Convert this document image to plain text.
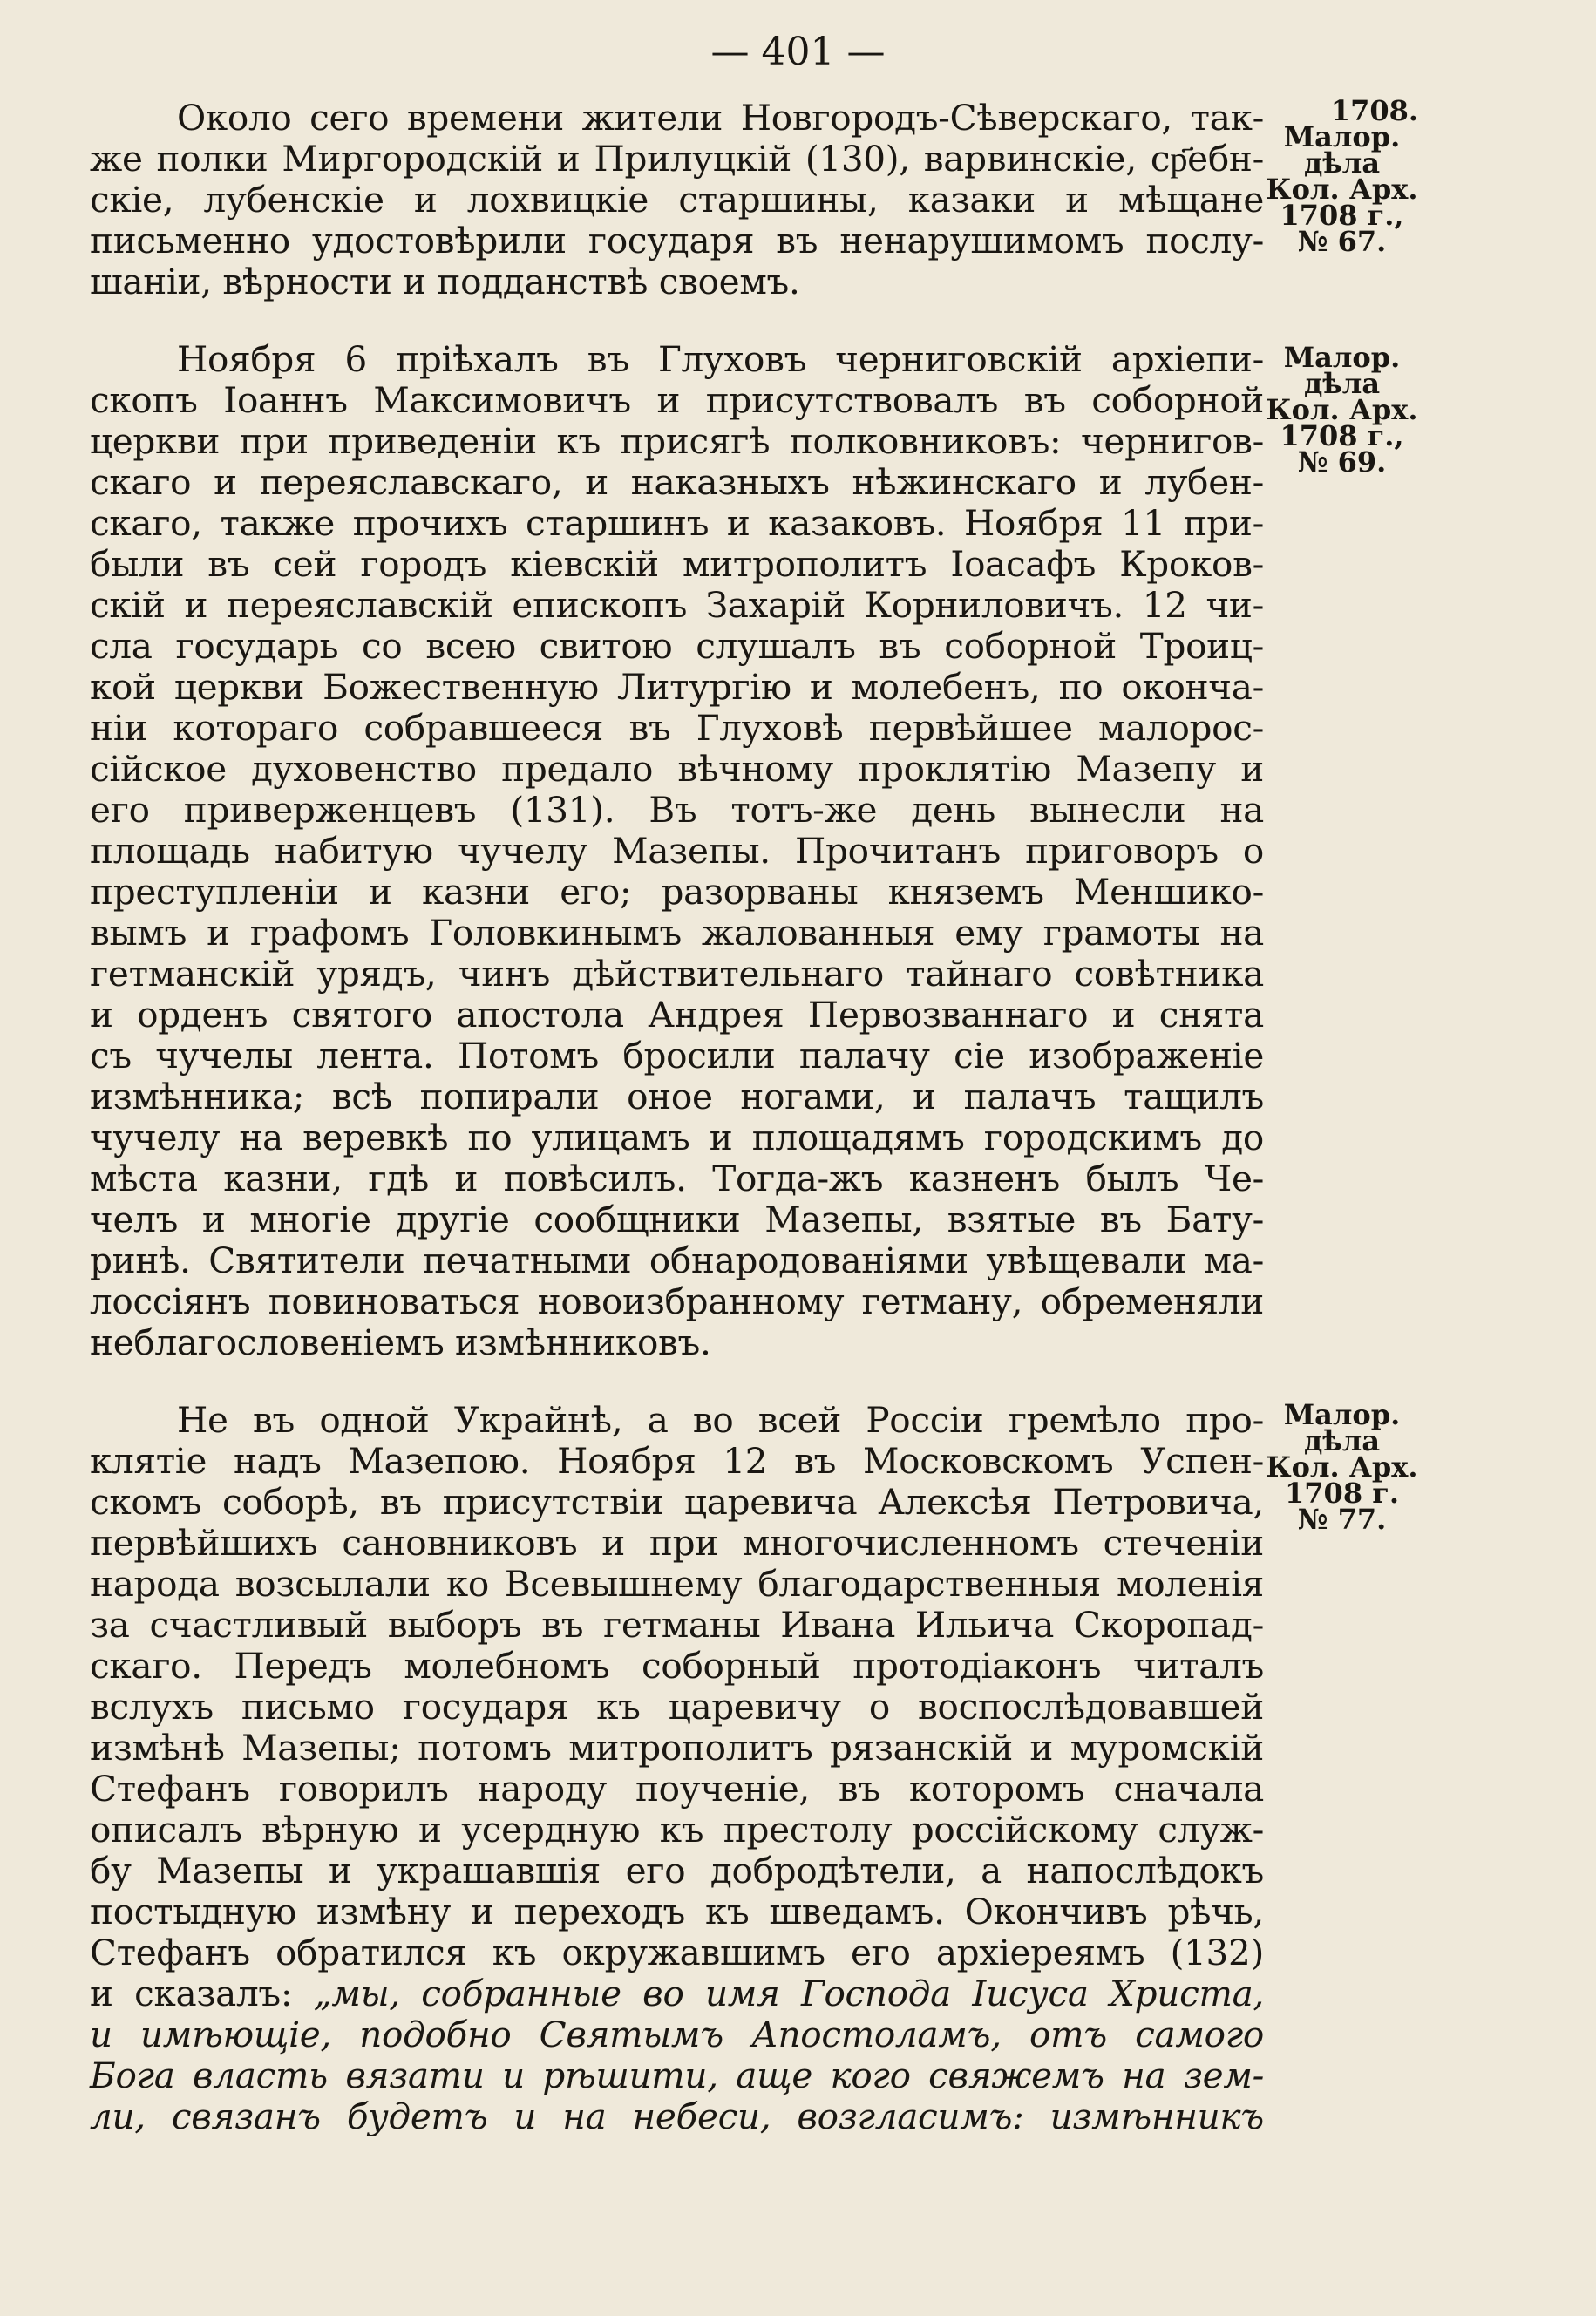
— 401 —
Около сего времени жители Новгородъ-Сѣверскаго, так-
же полки Миргородскій и Прилуцкій (130), варвинскіе, ср҃ебн-
скіе, лубенскіе и лохвицкіе старшины, казаки и мѣщане
письменно удостовѣрили государя въ ненарушимомъ послу-
шаніи, вѣрности и подданствѣ своемъ.
Ноября 6 пріѣхалъ въ Глуховъ черниговскій архіепи-
скопъ Іоаннъ Максимовичъ и присутствовалъ въ соборной
церкви при приведеніи къ присягѣ полковниковъ: чернигов-
скаго и переяславскаго, и наказныхъ нѣжинскаго и лубен-
скаго, также прочихъ старшинъ и казаковъ. Ноября 11 при-
были въ сей городъ кіевскій митрополитъ Іоасафъ Кроков-
скій и переяславскій епископъ Захарій Корниловичъ. 12 чи-
сла государь со всею свитою слушалъ въ соборной Троиц-
кой церкви Божественную Литургію и молебенъ, по оконча-
ніи котораго собравшееся въ Глуховѣ первѣйшее малорос-
сійское духовенство предало вѣчному проклятію Мазепу и
его приверженцевъ (131). Въ тотъ-же день вынесли на
площадь набитую чучелу Мазепы. Прочитанъ приговоръ о
преступленіи и казни его; разорваны княземъ Меншико-
вымъ и графомъ Головкинымъ жалованныя ему грамоты на
гетманскій урядъ, чинъ дѣйствительнаго тайнаго совѣтника
и орденъ святого апостола Андрея Первозваннаго и снята
съ чучелы лента. Потомъ бросили палачу сіе изображеніе
измѣнника; всѣ попирали оное ногами, и палачъ тащилъ
чучелу на веревкѣ по улицамъ и площадямъ городскимъ до
мѣста казни, гдѣ и повѣсилъ. Тогда-жъ казненъ былъ Че-
челъ и многіе другіе сообщники Мазепы, взятые въ Бату-
ринѣ. Святители печатными обнародованіями увѣщевали ма-
лоссіянъ повиноваться новоизбранному гетману, обременяли
неблагословеніемъ измѣнниковъ.
Не въ одной Украйнѣ, а во всей Россіи гремѣло про-
клятіе надъ Мазепою. Ноября 12 въ Московскомъ Успен-
скомъ соборѣ, въ присутствіи царевича Алексѣя Петровича,
первѣйшихъ сановниковъ и при многочисленномъ стеченіи
народа возсылали ко Всевышнему благодарственныя моленія
за счастливый выборъ въ гетманы Ивана Ильича Скоропад-
скаго. Передъ молебномъ соборный протодіаконъ читалъ
вслухъ письмо государя къ царевичу о воспослѣдовавшей
измѣнѣ Мазепы; потомъ митрополитъ рязанскій и муромскій
Стефанъ говорилъ народу поученіе, въ которомъ сначала
описалъ вѣрную и усердную къ престолу россійскому служ-
бу Мазепы и украшавшія его добродѣтели, а напослѣдокъ
постыдную измѣну и переходъ къ шведамъ. Окончивъ рѣчь,
Стефанъ обратился къ окружавшимъ его архіереямъ (132)
и сказалъ: „мы, собранные во имя Господа Іисуса Христа,
и имѣющіе, подобно Святымъ Апостоламъ, отъ самого
Бога власть вязати и рѣшити, аще кого свяжемъ на зем-
ли, связанъ будетъ и на небеси, возгласимъ: измѣнникъ
1708.
Малор.
дѣла
Кол. Арх.
1708 г.,
№ 67.
Малор.
дѣла
Кол. Арх.
1708 г.,
№ 69.
Малор.
дѣла
Кол. Арх.
1708 г.
№ 77.
